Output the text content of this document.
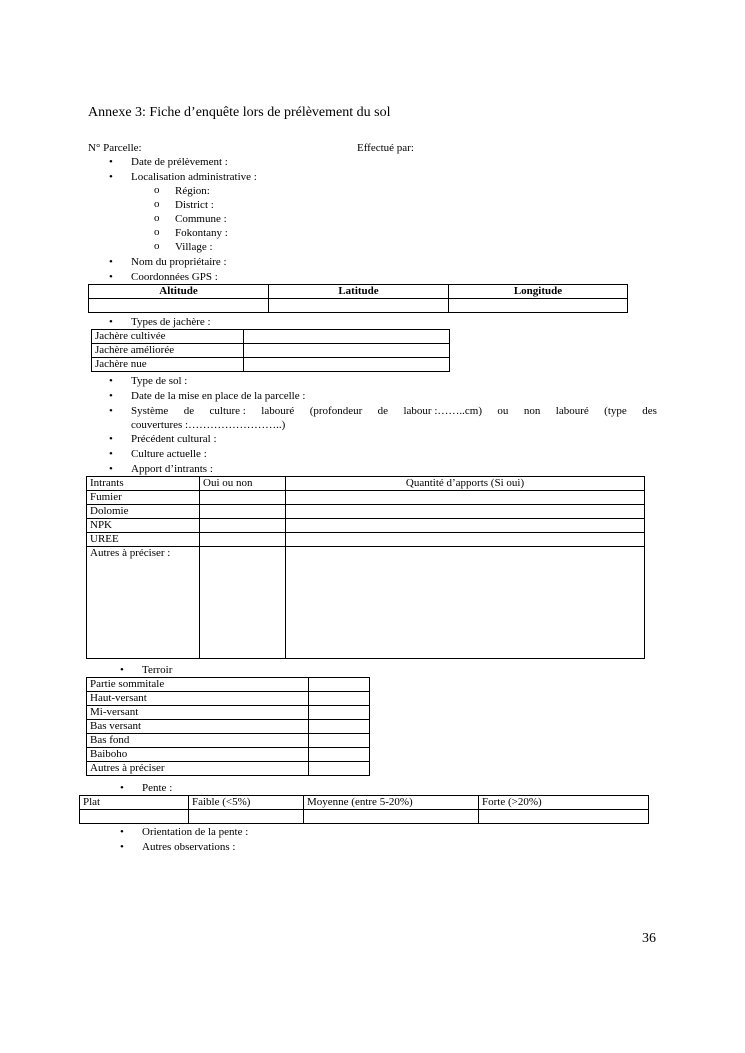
Annexe 3: Fiche d’enquête lors de prélèvement du sol
N° Parcelle:	Effectué par:
• Date de prélèvement :
• Localisation administrative :
o Région:
o District :
o Commune :
o Fokontany :
o Village :
• Nom du propriétaire :
• Coordonnées GPS :
Altitude	Latitude	Longitude

• Types de jachère :
Jachère cultivée	
Jachère améliorée	
Jachère nue	
• Type de sol :
• Date de la mise en place de la parcelle :
• Système de culture : labouré (profondeur de labour :……..cm) ou non labouré (type des
couvertures :……………………..)
• Précédent cultural :
• Culture actuelle :
• Apport d’intrants :
Intrants	Oui ou non	Quantité d’apports (Si oui)
Fumier		
Dolomie		
NPK		
UREE		
Autres à préciser :		
• Terroir
Partie sommitale	
Haut-versant	
Mi-versant	
Bas versant	
Bas fond	
Baiboho	
Autres à préciser	
• Pente :
Plat	Faible (<5%)	Moyenne (entre 5-20%)	Forte (>20%)

• Orientation de la pente :
• Autres observations :
36
